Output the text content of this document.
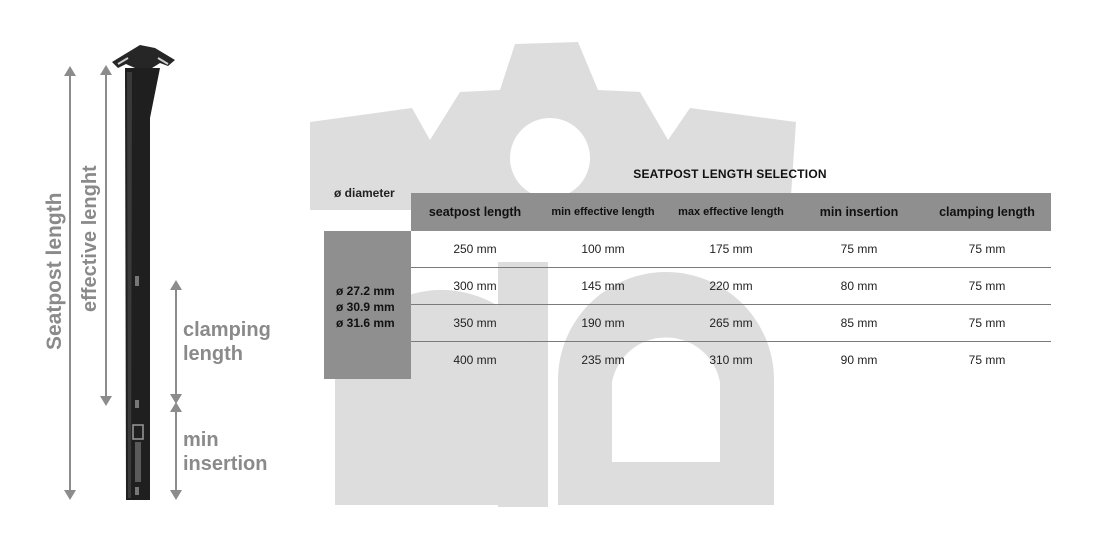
Seatpost length effective lenght
clamping
length
min
insertion
SEATPOST LENGTH SELECTION
ø diameter
ø 27.2 mm
ø 30.9 mm
ø 31.6 mm
seatpost length	min effective length	max effective length	min insertion	clamping length
250 mm	100 mm	175 mm	75 mm	75 mm
300 mm	145 mm	220 mm	80 mm	75 mm
350 mm	190 mm	265 mm	85 mm	75 mm
400 mm	235 mm	310 mm	90 mm	75 mm
